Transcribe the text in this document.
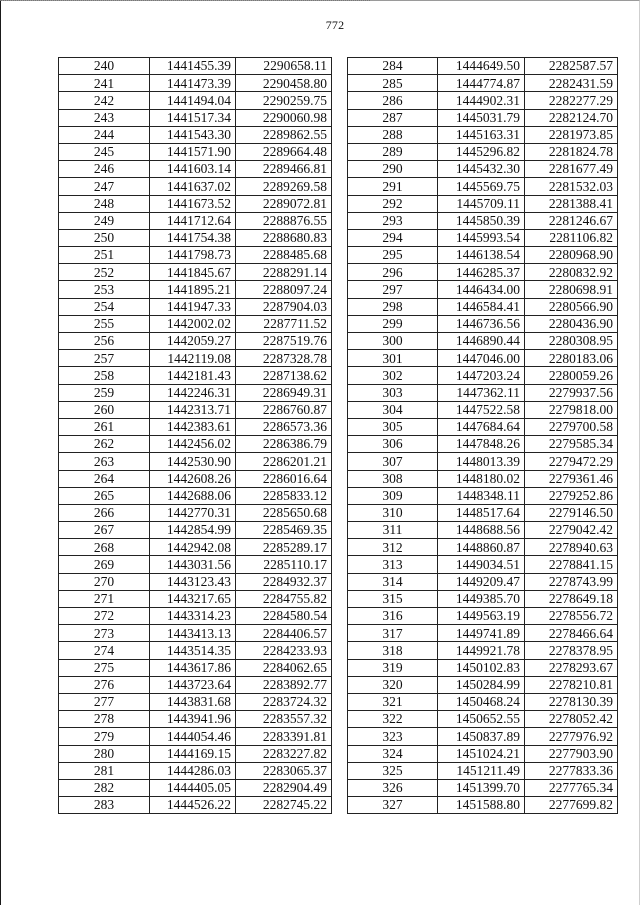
772
240	1441455.39	2290658.11
241	1441473.39	2290458.80
242	1441494.04	2290259.75
243	1441517.34	2290060.98
244	1441543.30	2289862.55
245	1441571.90	2289664.48
246	1441603.14	2289466.81
247	1441637.02	2289269.58
248	1441673.52	2289072.81
249	1441712.64	2288876.55
250	1441754.38	2288680.83
251	1441798.73	2288485.68
252	1441845.67	2288291.14
253	1441895.21	2288097.24
254	1441947.33	2287904.03
255	1442002.02	2287711.52
256	1442059.27	2287519.76
257	1442119.08	2287328.78
258	1442181.43	2287138.62
259	1442246.31	2286949.31
260	1442313.71	2286760.87
261	1442383.61	2286573.36
262	1442456.02	2286386.79
263	1442530.90	2286201.21
264	1442608.26	2286016.64
265	1442688.06	2285833.12
266	1442770.31	2285650.68
267	1442854.99	2285469.35
268	1442942.08	2285289.17
269	1443031.56	2285110.17
270	1443123.43	2284932.37
271	1443217.65	2284755.82
272	1443314.23	2284580.54
273	1443413.13	2284406.57
274	1443514.35	2284233.93
275	1443617.86	2284062.65
276	1443723.64	2283892.77
277	1443831.68	2283724.32
278	1443941.96	2283557.32
279	1444054.46	2283391.81
280	1444169.15	2283227.82
281	1444286.03	2283065.37
282	1444405.05	2282904.49
283	1444526.22	2282745.22
284	1444649.50	2282587.57
285	1444774.87	2282431.59
286	1444902.31	2282277.29
287	1445031.79	2282124.70
288	1445163.31	2281973.85
289	1445296.82	2281824.78
290	1445432.30	2281677.49
291	1445569.75	2281532.03
292	1445709.11	2281388.41
293	1445850.39	2281246.67
294	1445993.54	2281106.82
295	1446138.54	2280968.90
296	1446285.37	2280832.92
297	1446434.00	2280698.91
298	1446584.41	2280566.90
299	1446736.56	2280436.90
300	1446890.44	2280308.95
301	1447046.00	2280183.06
302	1447203.24	2280059.26
303	1447362.11	2279937.56
304	1447522.58	2279818.00
305	1447684.64	2279700.58
306	1447848.26	2279585.34
307	1448013.39	2279472.29
308	1448180.02	2279361.46
309	1448348.11	2279252.86
310	1448517.64	2279146.50
311	1448688.56	2279042.42
312	1448860.87	2278940.63
313	1449034.51	2278841.15
314	1449209.47	2278743.99
315	1449385.70	2278649.18
316	1449563.19	2278556.72
317	1449741.89	2278466.64
318	1449921.78	2278378.95
319	1450102.83	2278293.67
320	1450284.99	2278210.81
321	1450468.24	2278130.39
322	1450652.55	2278052.42
323	1450837.89	2277976.92
324	1451024.21	2277903.90
325	1451211.49	2277833.36
326	1451399.70	2277765.34
327	1451588.80	2277699.82
